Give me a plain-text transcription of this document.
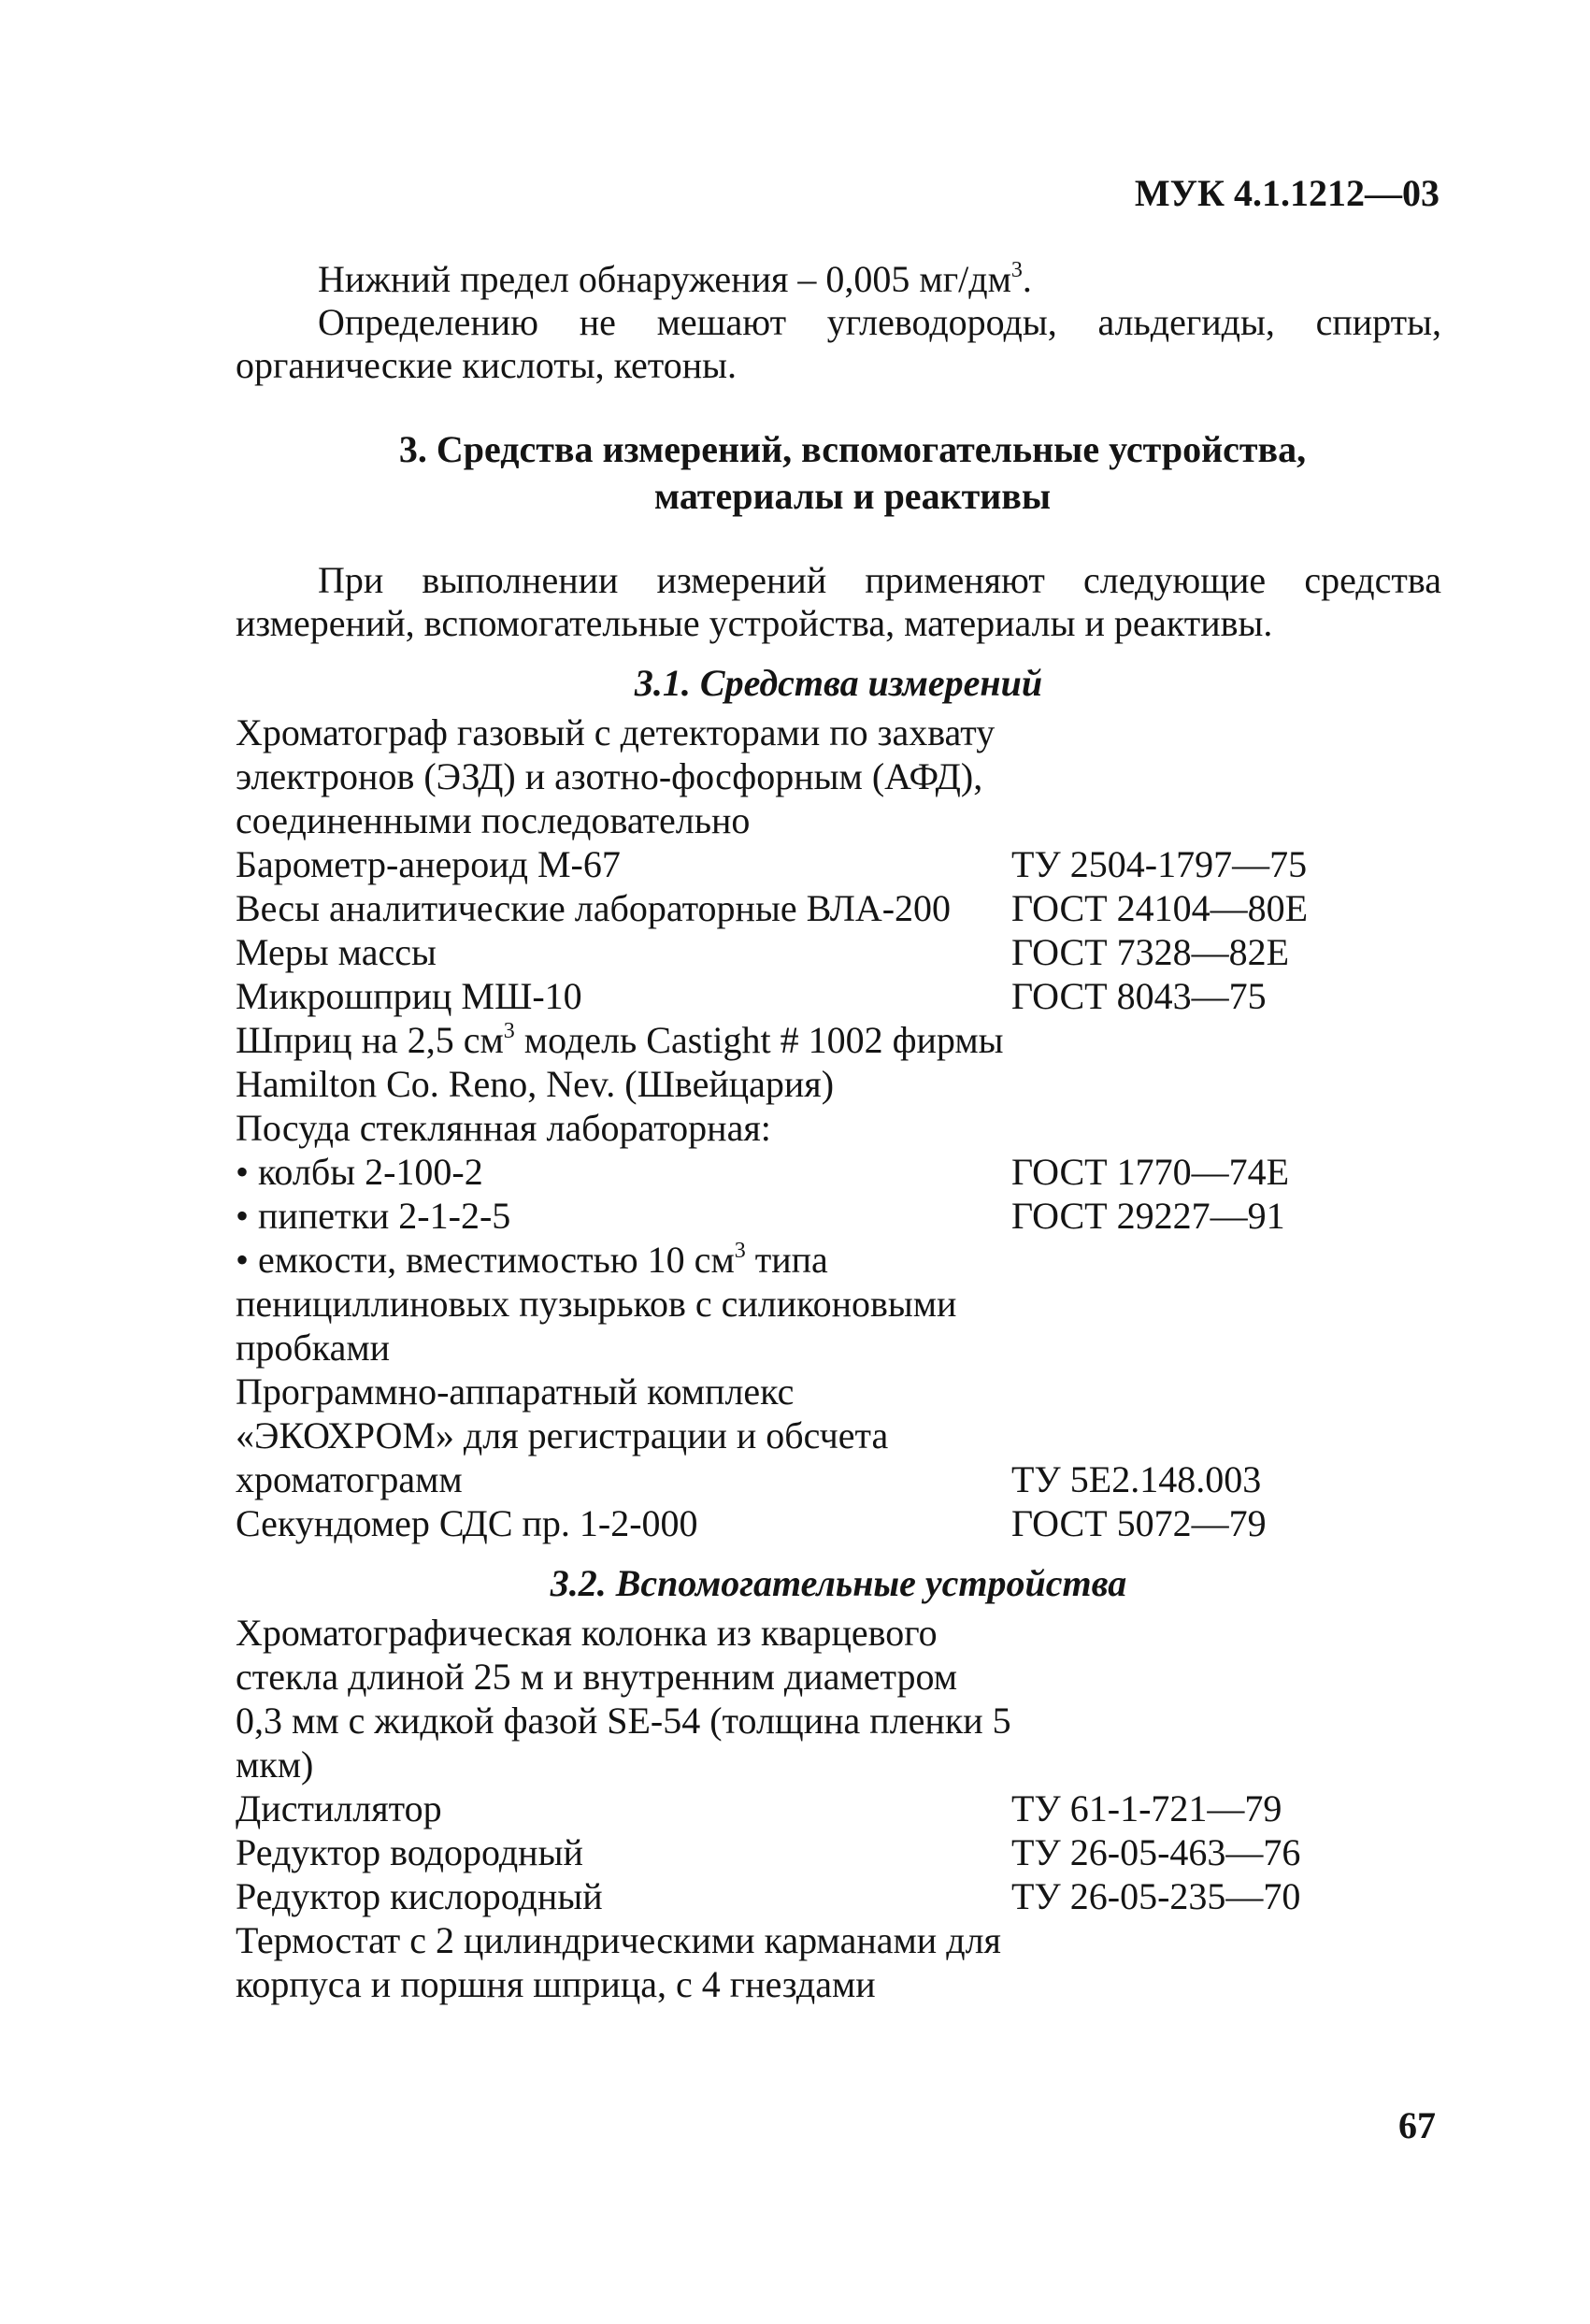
МУК 4.1.1212—03

Нижний предел обнаружения – 0,005 $мг/дм^3$.

Определению не мешают углеводороды, альдегиды, спирты, органические кислоты, кетоны.

3. Средства измерений, вспомогательные устройства,
материалы и реактивы

При выполнении измерений применяют следующие средства измерений, вспомогательные устройства, материалы и реактивы.

3.1. Средства измерений
Хроматограф газовый с детекторами по захвату электронов (ЭЗД) и азотно-фосфорным (АФД), соединенными последовательно
Барометр-анероид М-67	ТУ 2504-1797—75
Весы аналитические лабораторные ВЛА-200	ГОСТ 24104—80Е
Меры массы	ГОСТ 7328—82Е
Микрошприц МШ-10	ГОСТ 8043—75
Шприц на 2,5 $см^3$ модель Castight # 1002 фирмы Hamilton Co. Reno, Nev. (Швейцария)
Посуда стеклянная лабораторная:
• колбы 2-100-2	ГОСТ 1770—74Е
• пипетки 2-1-2-5	ГОСТ 29227—91
• емкости, вместимостью 10 $см^3$ типа пенициллиновых пузырьков с силиконовыми пробками
Программно-аппаратный комплекс «ЭКОХРОМ» для регистрации и обсчета хроматограмм	ТУ 5Е2.148.003
Секундомер СДС пр. 1-2-000	ГОСТ 5072—79
3.2. Вспомогательные устройства
Хроматографическая колонка из кварцевого стекла длиной 25 м и внутренним диаметром 0,3 мм с жидкой фазой SE-54 (толщина пленки 5 мкм)
Дистиллятор	ТУ 61-1-721—79
Редуктор водородный	ТУ 26-05-463—76
Редуктор кислородный	ТУ 26-05-235—70
Термостат с 2 цилиндрическими карманами для корпуса и поршня шприца, с 4 гнездами
67
